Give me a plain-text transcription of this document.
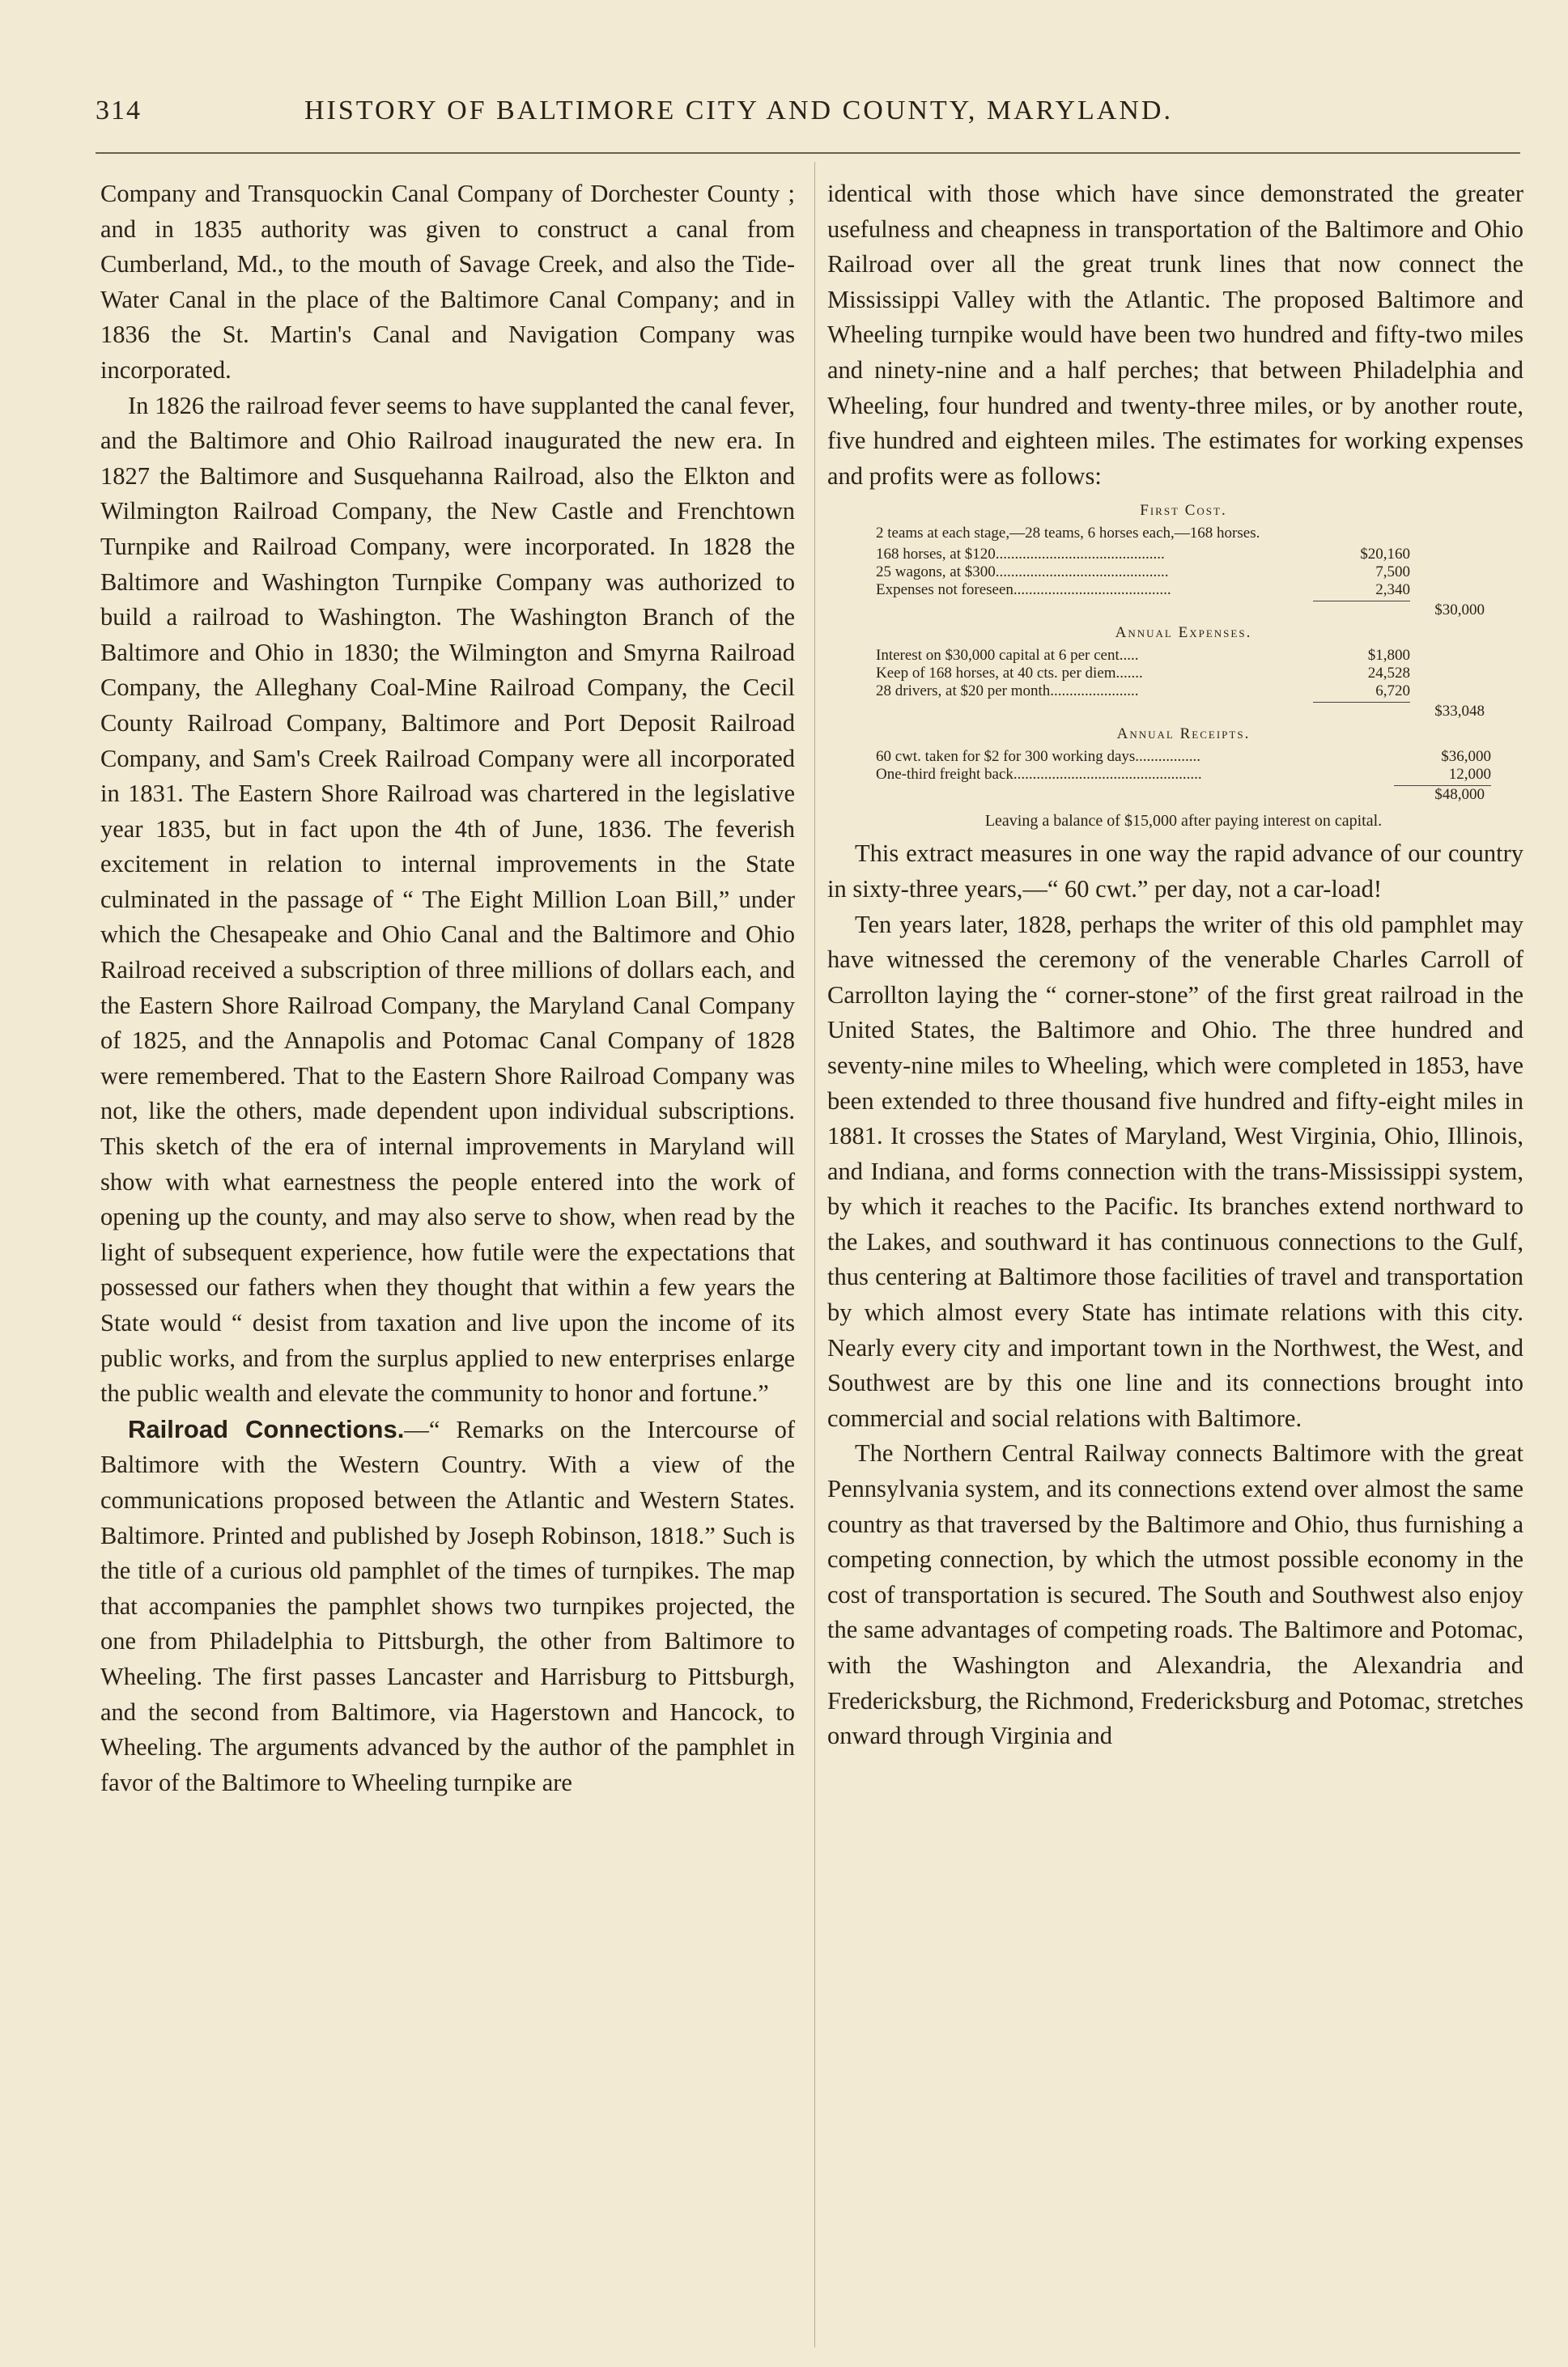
314	HISTORY OF BALTIMORE CITY AND COUNTY, MARYLAND.

Company and Transquockin Canal Company of Dorchester County ; and in 1835 authority was given to construct a canal from Cumberland, Md., to the mouth of Savage Creek, and also the Tide-Water Canal in the place of the Baltimore Canal Company; and in 1836 the St. Martin's Canal and Navigation Company was incorporated.

In 1826 the railroad fever seems to have supplanted the canal fever, and the Baltimore and Ohio Railroad inaugurated the new era. In 1827 the Baltimore and Susquehanna Railroad, also the Elkton and Wilmington Railroad Company, the New Castle and Frenchtown Turnpike and Railroad Company, were incorporated. In 1828 the Baltimore and Washington Turnpike Company was authorized to build a railroad to Washington. The Washington Branch of the Baltimore and Ohio in 1830; the Wilmington and Smyrna Railroad Company, the Alleghany Coal-Mine Railroad Company, the Cecil County Railroad Company, Baltimore and Port Deposit Railroad Company, and Sam's Creek Railroad Company were all incorporated in 1831. The Eastern Shore Railroad was chartered in the legislative year 1835, but in fact upon the 4th of June, 1836. The feverish excitement in relation to internal improvements in the State culminated in the passage of “ The Eight Million Loan Bill,” under which the Chesapeake and Ohio Canal and the Baltimore and Ohio Railroad received a subscription of three millions of dollars each, and the Eastern Shore Railroad Company, the Maryland Canal Company of 1825, and the Annapolis and Potomac Canal Company of 1828 were remembered. That to the Eastern Shore Railroad Company was not, like the others, made dependent upon individual subscriptions. This sketch of the era of internal improvements in Maryland will show with what earnestness the people entered into the work of opening up the county, and may also serve to show, when read by the light of subsequent experience, how futile were the expectations that possessed our fathers when they thought that within a few years the State would “ desist from taxation and live upon the income of its public works, and from the surplus applied to new enterprises enlarge the public wealth and elevate the community to honor and fortune.”

Railroad Connections.—“ Remarks on the Intercourse of Baltimore with the Western Country. With a view of the communications proposed between the Atlantic and Western States. Baltimore. Printed and published by Joseph Robinson, 1818.” Such is the title of a curious old pamphlet of the times of turnpikes. The map that accompanies the pamphlet shows two turnpikes projected, the one from Philadelphia to Pittsburgh, the other from Baltimore to Wheeling. The first passes Lancaster and Harrisburg to Pittsburgh, and the second from Baltimore, via Hagerstown and Hancock, to Wheeling. The arguments advanced by the author of the pamphlet in favor of the Baltimore to Wheeling turnpike are

identical with those which have since demonstrated the greater usefulness and cheapness in transportation of the Baltimore and Ohio Railroad over all the great trunk lines that now connect the Mississippi Valley with the Atlantic. The proposed Baltimore and Wheeling turnpike would have been two hundred and fifty-two miles and ninety-nine and a half perches; that between Philadelphia and Wheeling, four hundred and twenty-three miles, or by another route, five hundred and eighteen miles. The estimates for working expenses and profits were as follows:

First Cost.
2 teams at each stage,—28 teams, 6 horses each,—168 horses.
168 horses, at $120............................................	$20,160
25 wagons, at $300.............................................	7,500
Expenses not foreseen.........................................	2,340
$30,000
Annual Expenses.
Interest on $30,000 capital at 6 per cent.....	$1,800
Keep of 168 horses, at 40 cts. per diem.......	24,528
28 drivers, at $20 per month.......................	6,720
$33,048
Annual Receipts.
60 cwt. taken for $2 for 300 working days.................	$36,000
One-third freight back.................................................	12,000
$48,000
Leaving a balance of $15,000 after paying interest on capital.

This extract measures in one way the rapid advance of our country in sixty-three years,—“ 60 cwt.” per day, not a car-load!

Ten years later, 1828, perhaps the writer of this old pamphlet may have witnessed the ceremony of the venerable Charles Carroll of Carrollton laying the “ corner-stone” of the first great railroad in the United States, the Baltimore and Ohio. The three hundred and seventy-nine miles to Wheeling, which were completed in 1853, have been extended to three thousand five hundred and fifty-eight miles in 1881. It crosses the States of Maryland, West Virginia, Ohio, Illinois, and Indiana, and forms connection with the trans-Mississippi system, by which it reaches to the Pacific. Its branches extend northward to the Lakes, and southward it has continuous connections to the Gulf, thus centering at Baltimore those facilities of travel and transportation by which almost every State has intimate relations with this city. Nearly every city and important town in the Northwest, the West, and Southwest are by this one line and its connections brought into commercial and social relations with Baltimore.

The Northern Central Railway connects Baltimore with the great Pennsylvania system, and its connections extend over almost the same country as that traversed by the Baltimore and Ohio, thus furnishing a competing connection, by which the utmost possible economy in the cost of transportation is secured. The South and Southwest also enjoy the same advantages of competing roads. The Baltimore and Potomac, with the Washington and Alexandria, the Alexandria and Fredericksburg, the Richmond, Fredericksburg and Potomac, stretches onward through Virginia and
